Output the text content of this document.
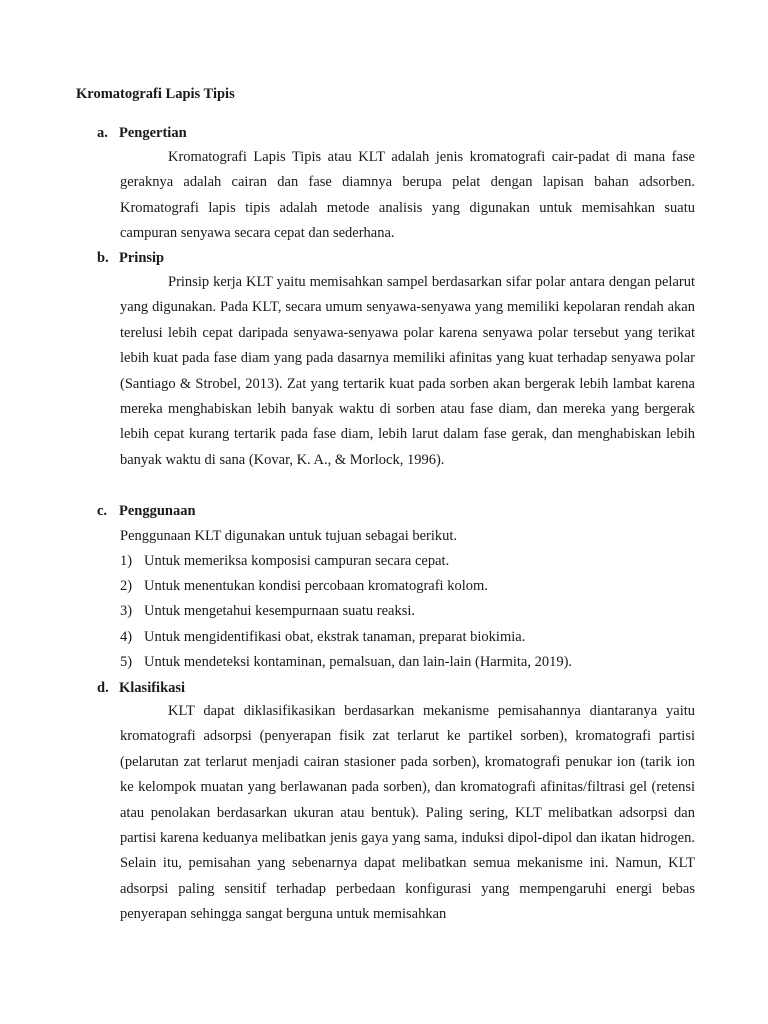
Kromatografi Lapis Tipis
a. Pengertian

Kromatografi Lapis Tipis atau KLT adalah jenis kromatografi cair-padat di mana fase geraknya adalah cairan dan fase diamnya berupa pelat dengan lapisan bahan adsorben. Kromatografi lapis tipis adalah metode analisis yang digunakan untuk memisahkan suatu campuran senyawa secara cepat dan sederhana.

b. Prinsip

Prinsip kerja KLT yaitu memisahkan sampel berdasarkan sifar polar antara dengan pelarut yang digunakan. Pada KLT, secara umum senyawa-senyawa yang memiliki kepolaran rendah akan terelusi lebih cepat daripada senyawa-senyawa polar karena senyawa polar tersebut yang terikat lebih kuat pada fase diam yang pada dasarnya memiliki afinitas yang kuat terhadap senyawa polar (Santiago & Strobel, 2013). Zat yang tertarik kuat pada sorben akan bergerak lebih lambat karena mereka menghabiskan lebih banyak waktu di sorben atau fase diam, dan mereka yang bergerak lebih cepat kurang tertarik pada fase diam, lebih larut dalam fase gerak, dan menghabiskan lebih banyak waktu di sana (Kovar, K. A., & Morlock, 1996).

c. Penggunaan

Penggunaan KLT digunakan untuk tujuan sebagai berikut.

1) Untuk memeriksa komposisi campuran secara cepat.
2) Untuk menentukan kondisi percobaan kromatografi kolom.
3) Untuk mengetahui kesempurnaan suatu reaksi.
4) Untuk mengidentifikasi obat, ekstrak tanaman, preparat biokimia.
5) Untuk mendeteksi kontaminan, pemalsuan, dan lain-lain (Harmita, 2019).
d. Klasifikasi

KLT dapat diklasifikasikan berdasarkan mekanisme pemisahannya diantaranya yaitu kromatografi adsorpsi (penyerapan fisik zat terlarut ke partikel sorben), kromatografi partisi (pelarutan zat terlarut menjadi cairan stasioner pada sorben), kromatografi penukar ion (tarik ion ke kelompok muatan yang berlawanan pada sorben), dan kromatografi afinitas/filtrasi gel (retensi atau penolakan berdasarkan ukuran atau bentuk). Paling sering, KLT melibatkan adsorpsi dan partisi karena keduanya melibatkan jenis gaya yang sama, induksi dipol-dipol dan ikatan hidrogen. Selain itu, pemisahan yang sebenarnya dapat melibatkan semua mekanisme ini. Namun, KLT adsorpsi paling sensitif terhadap perbedaan konfigurasi yang mempengaruhi energi bebas penyerapan sehingga sangat berguna untuk memisahkan
